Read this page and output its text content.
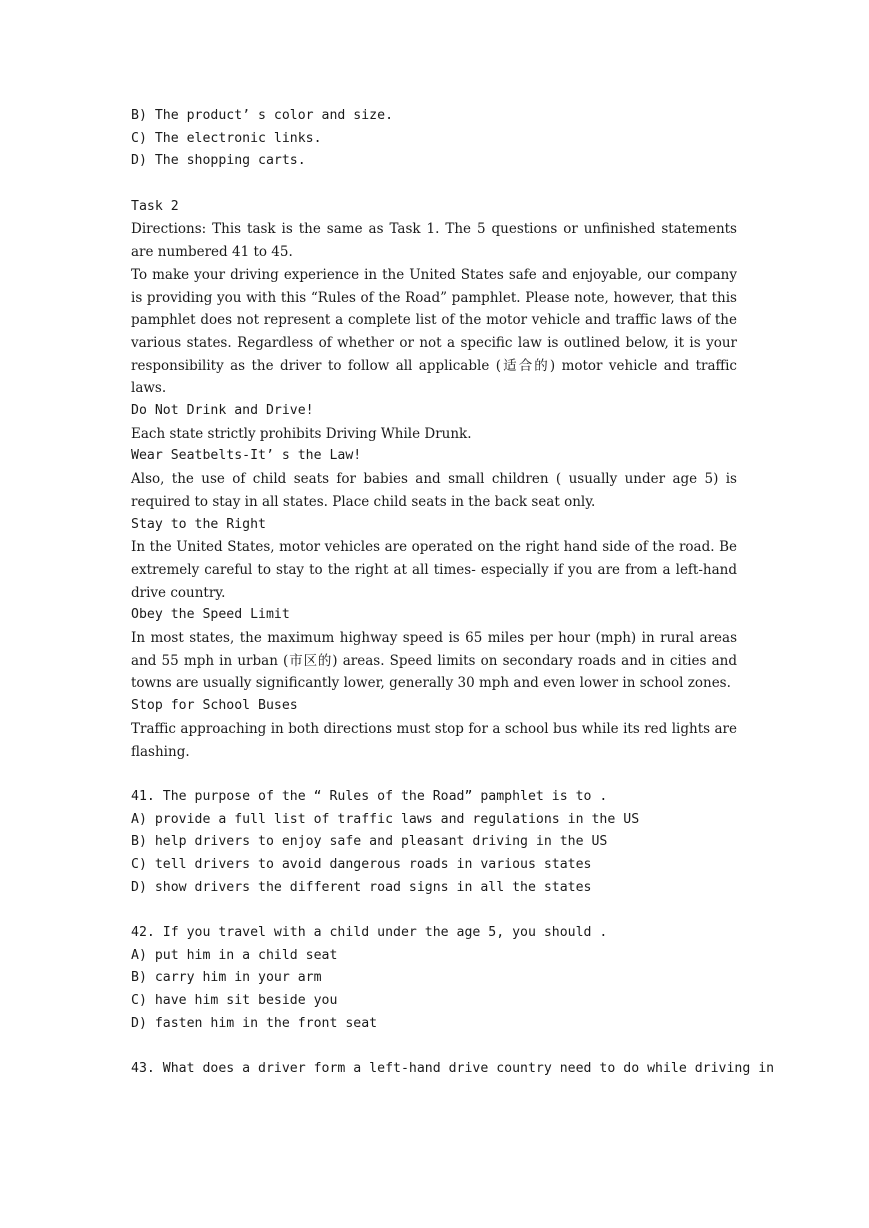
B) The product’ s color and size.
C) The electronic links.
D) The shopping carts.
Task 2
Directions: This task is the same as Task 1. The 5 questions or unfinished statements are numbered 41 to 45.
To make your driving experience in the United States safe and enjoyable, our company is providing you with this “Rules of the Road” pamphlet. Please note, however, that this pamphlet does not represent a complete list of the motor vehicle and traffic laws of the various states. Regardless of whether or not a specific law is outlined below, it is your responsibility as the driver to follow all applicable (适合的) motor vehicle and traffic laws.
Do Not Drink and Drive!
Each state strictly prohibits Driving While Drunk.
Wear Seatbelts-It’ s the Law!
Also, the use of child seats for babies and small children ( usually under age 5) is required to stay in all states. Place child seats in the back seat only.
Stay to the Right
In the United States, motor vehicles are operated on the right hand side of the road. Be extremely careful to stay to the right at all times- especially if you are from a left-hand drive country.
Obey the Speed Limit
In most states, the maximum highway speed is 65 miles per hour (mph) in rural areas and 55 mph in urban (市区的) areas. Speed limits on secondary roads and in cities and towns are usually significantly lower, generally 30 mph and even lower in school zones.
Stop for School Buses
Traffic approaching in both directions must stop for a school bus while its red lights are flashing.
41. The purpose of the “ Rules of the Road” pamphlet is to .
A) provide a full list of traffic laws and regulations in the US
B) help drivers to enjoy safe and pleasant driving in the US
C) tell drivers to avoid dangerous roads in various states
D) show drivers the different road signs in all the states
42. If you travel with a child under the age 5, you should .
A) put him in a child seat
B) carry him in your arm
C) have him sit beside you
D) fasten him in the front seat
43. What does a driver form a left-hand drive country need to do while driving in
